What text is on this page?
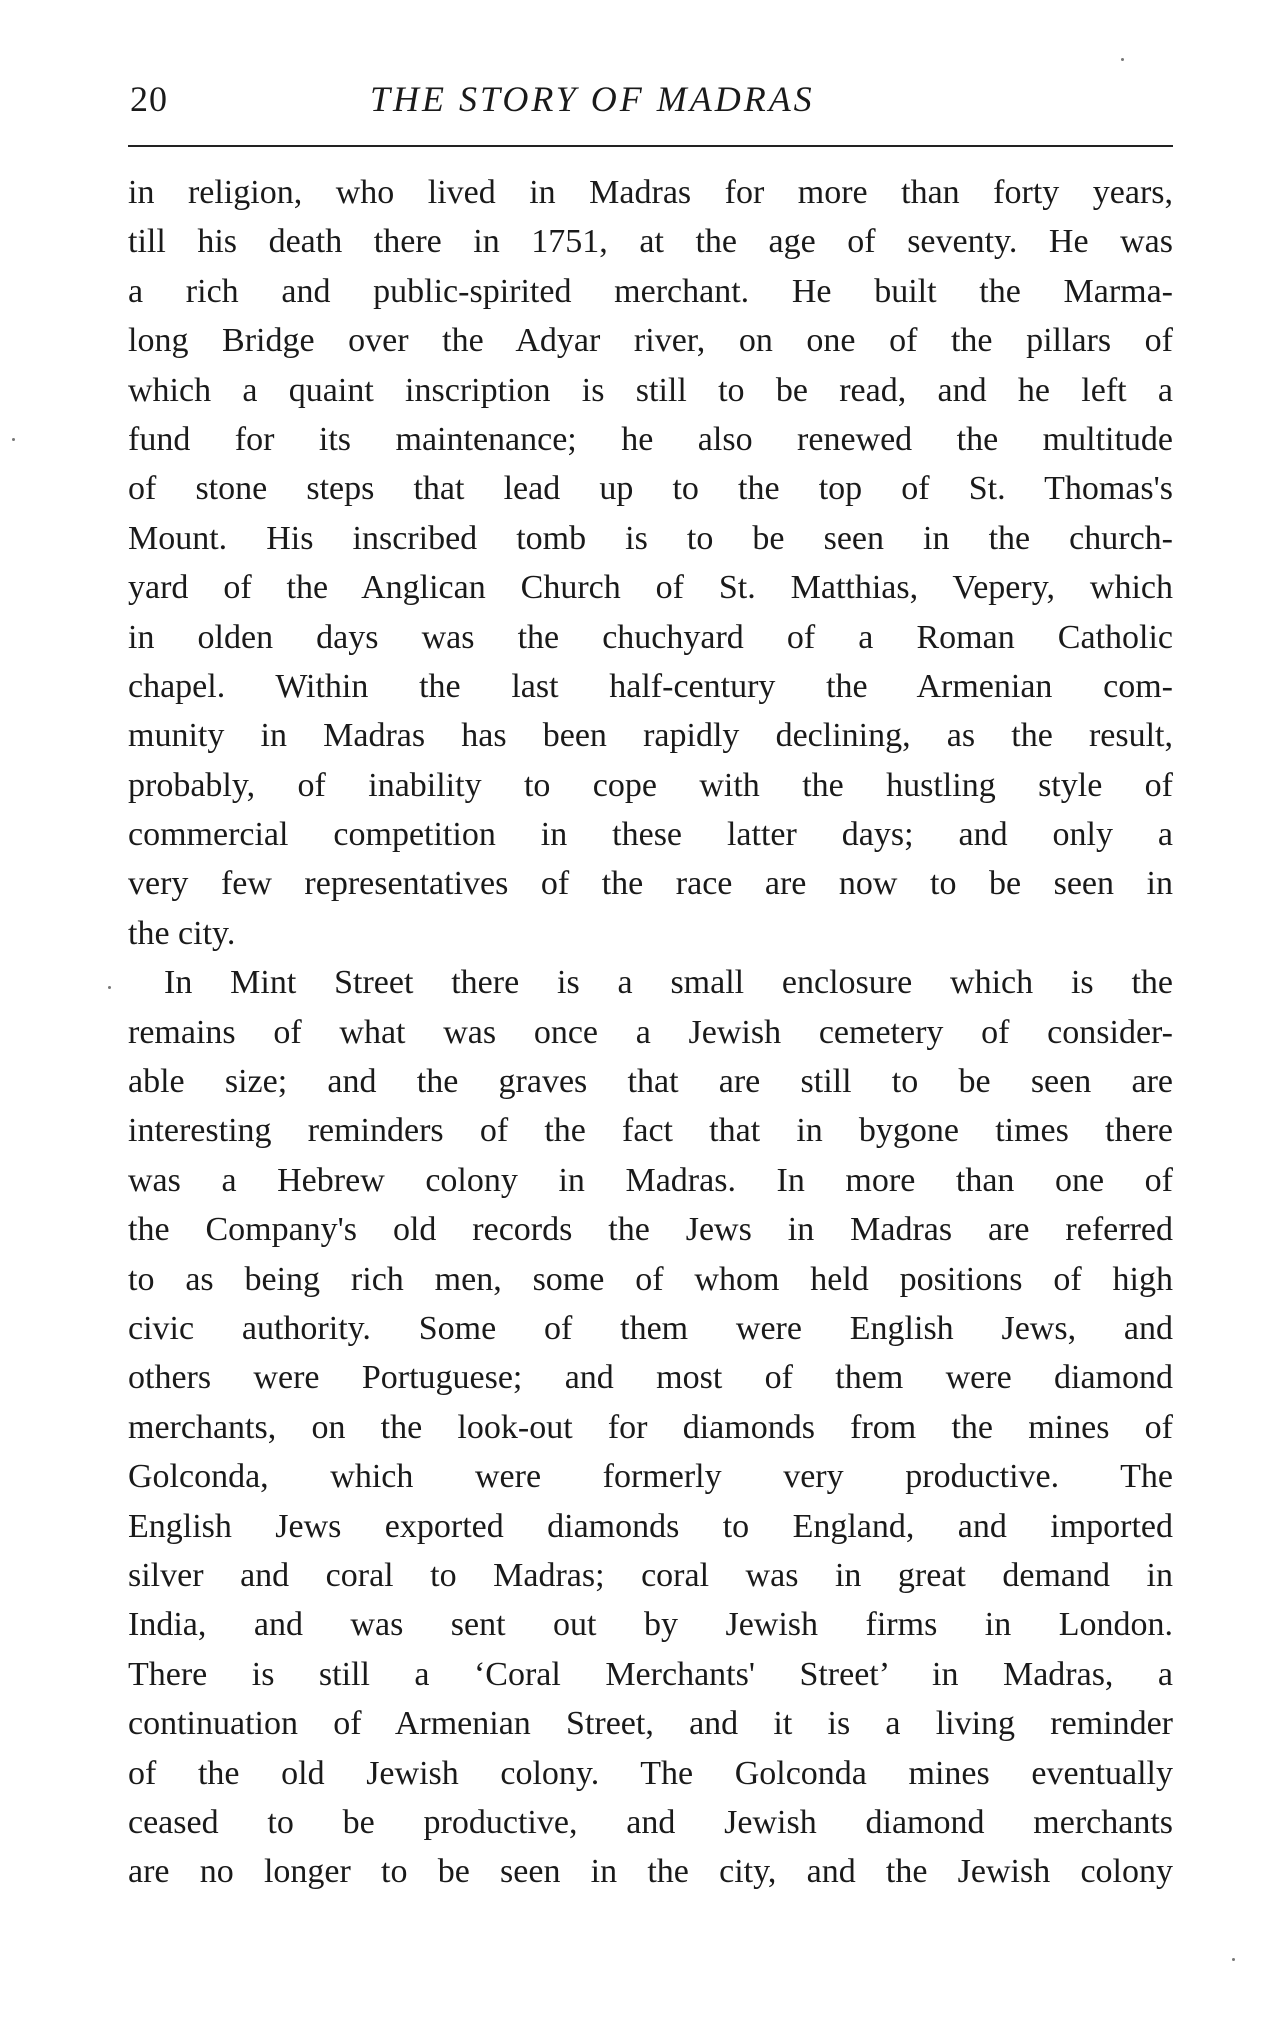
20	THE STORY OF MADRAS
in religion, who lived in Madras for more than forty years,
till his death there in 1751, at the age of seventy. He was
a rich and public-spirited merchant. He built the Marma-
long Bridge over the Adyar river, on one of the pillars of
which a quaint inscription is still to be read, and he left a
fund for its maintenance; he also renewed the multitude
of stone steps that lead up to the top of St. Thomas's
Mount. His inscribed tomb is to be seen in the church-
yard of the Anglican Church of St. Matthias, Vepery, which
in olden days was the chuchyard of a Roman Catholic
chapel. Within the last half-century the Armenian com-
munity in Madras has been rapidly declining, as the result,
probably, of inability to cope with the hustling style of
commercial competition in these latter days; and only a
very few representatives of the race are now to be seen in
the city.
In Mint Street there is a small enclosure which is the
remains of what was once a Jewish cemetery of consider-
able size; and the graves that are still to be seen are
interesting reminders of the fact that in bygone times there
was a Hebrew colony in Madras. In more than one of
the Company's old records the Jews in Madras are referred
to as being rich men, some of whom held positions of high
civic authority. Some of them were English Jews, and
others were Portuguese; and most of them were diamond
merchants, on the look-out for diamonds from the mines of
Golconda, which were formerly very productive. The
English Jews exported diamonds to England, and imported
silver and coral to Madras; coral was in great demand in
India, and was sent out by Jewish firms in London.
There is still a ‘Coral Merchants' Street’ in Madras, a
continuation of Armenian Street, and it is a living reminder
of the old Jewish colony. The Golconda mines eventually
ceased to be productive, and Jewish diamond merchants
are no longer to be seen in the city, and the Jewish colony
